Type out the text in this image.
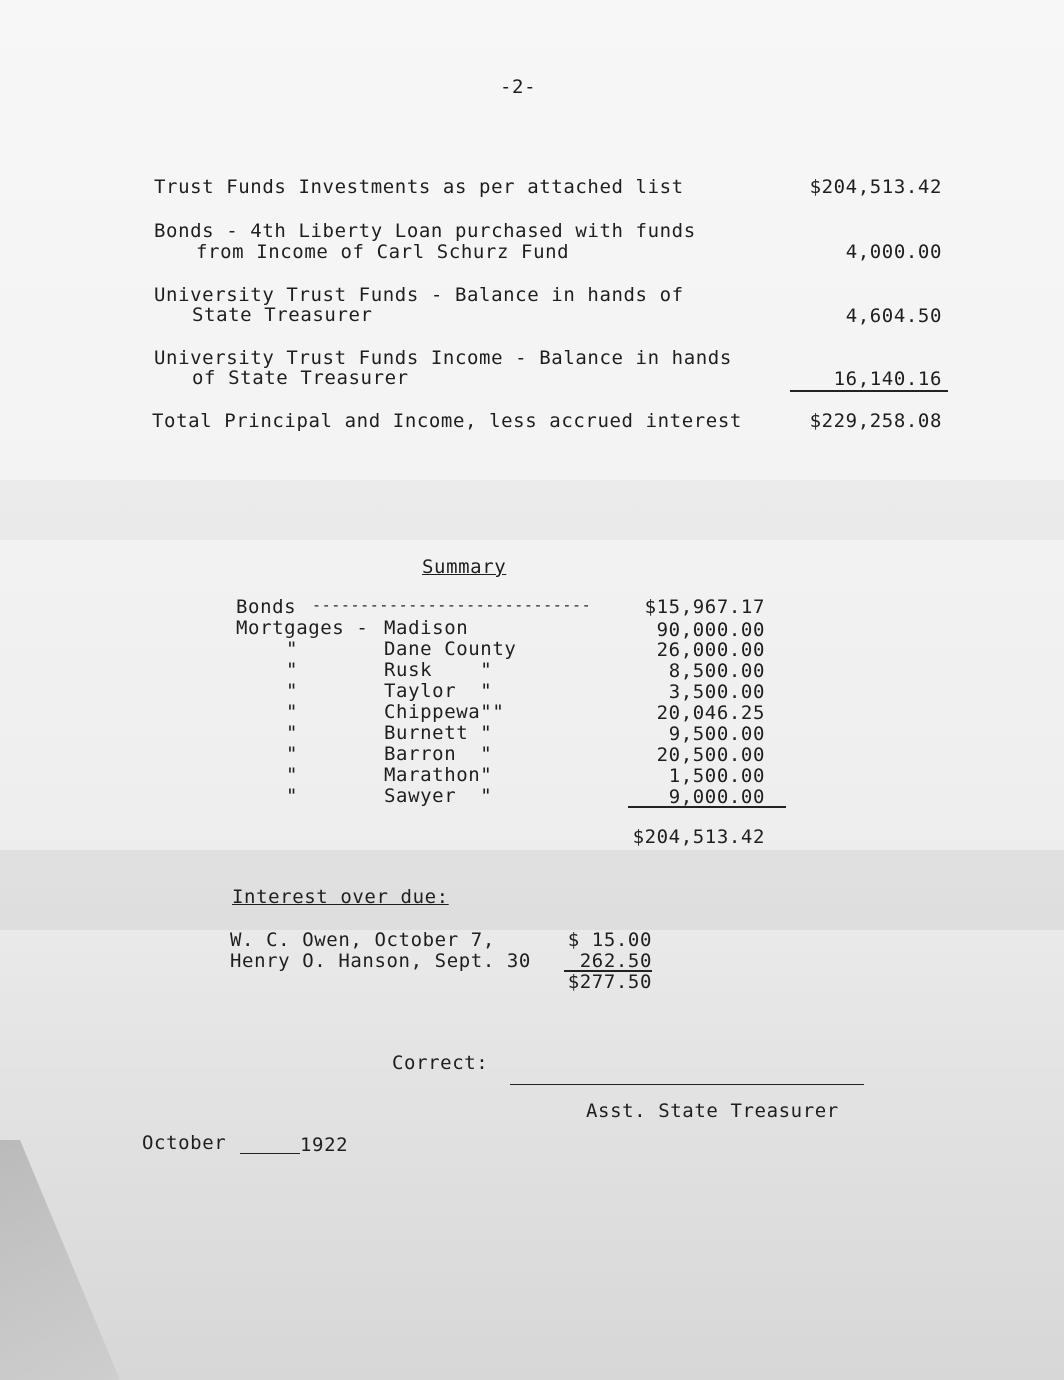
-2-
Trust Funds Investments as per attached list	$204,513.42
Bonds - 4th Liberty Loan purchased with funds
from Income of Carl Schurz Fund	4,000.00
University Trust Funds - Balance in hands of
State Treasurer	4,604.50
University Trust Funds Income - Balance in hands
of State Treasurer	16,140.16
Total Principal and Income, less accrued interest	$229,258.08
Summary
Bonds -----------------------------	$15,967.17
Mortgages - Madison	90,000.00
"	Dane County	26,000.00
"	Rusk    "	8,500.00
"	Taylor  "	3,500.00
"	Chippewa""	20,046.25
"	Burnett "	9,500.00
"	Barron  "	20,500.00
"	Marathon"	1,500.00
"	Sawyer  "	9,000.00
$204,513.42
Interest over due:
W. C. Owen, October 7,	$ 15.00
Henry O. Hanson, Sept. 30	262.50
$277.50
Correct:
Asst. State Treasurer
October	1922
